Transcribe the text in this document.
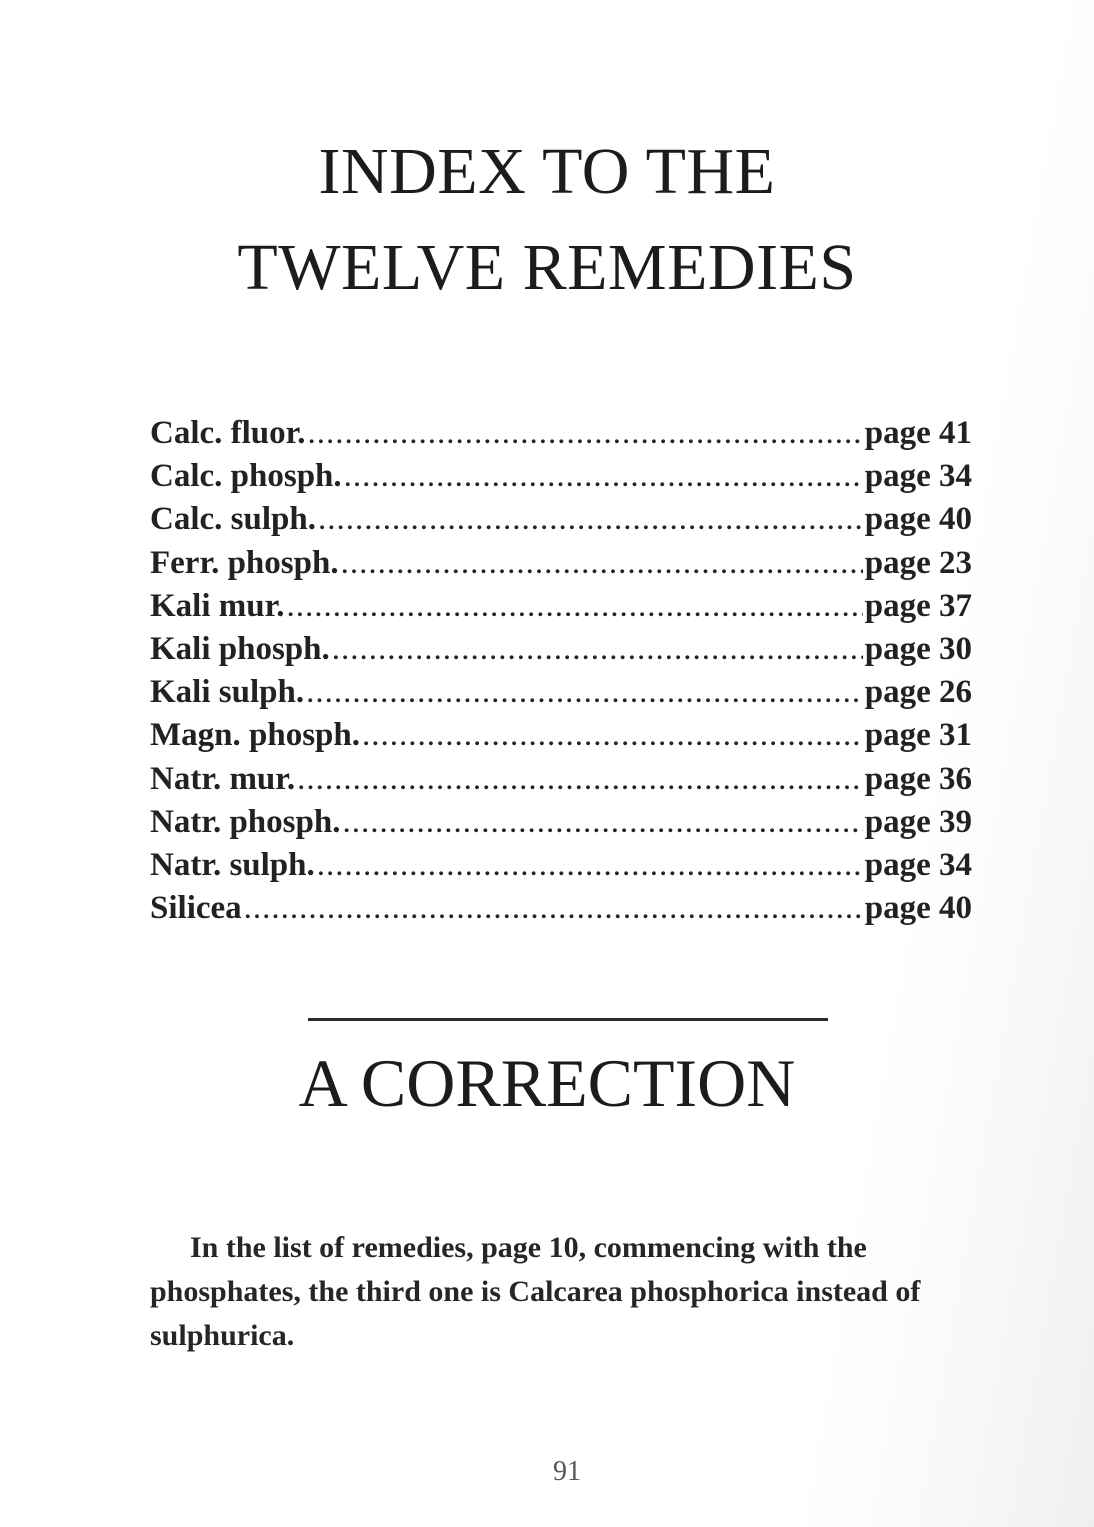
INDEX TO THE
TWELVE REMEDIES
Calc. fluor. .....	page 41
Calc. phosph. .....	page 34
Calc. sulph. .....	page 40
Ferr. phosph. .....	page 23
Kali mur. .....	page 37
Kali phosph. .....	page 30
Kali sulph. .....	page 26
Magn. phosph. .....	page 31
Natr. mur. .....	page 36
Natr. phosph. .....	page 39
Natr. sulph. .....	page 34
Silicea .....	page 40
A CORRECTION

In the list of remedies, page 10, commencing with the phosphates, the third one is Calcarea phosphorica instead of sulphurica.

91
